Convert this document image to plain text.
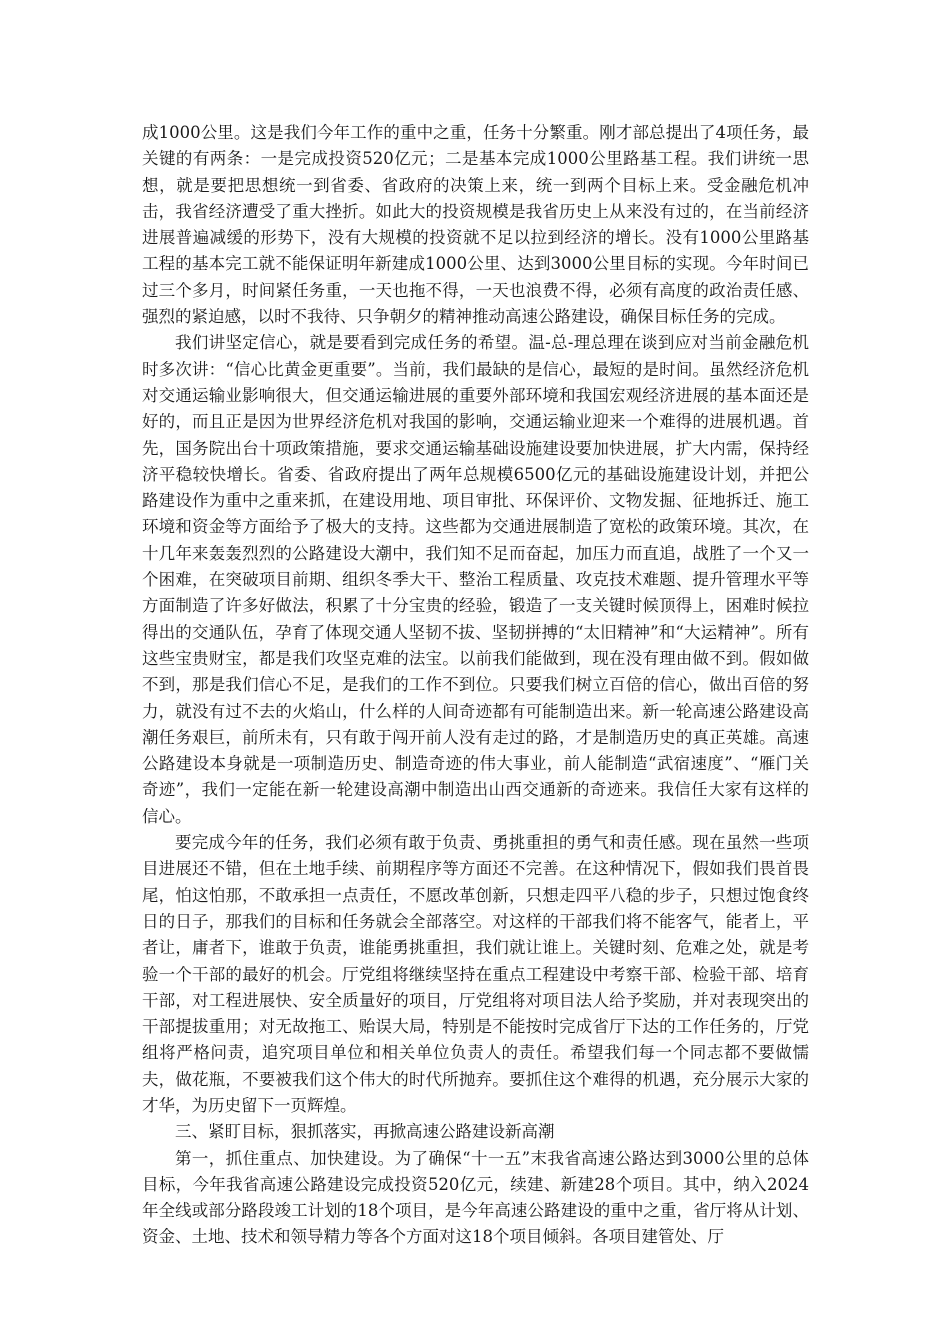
成1000公里。这是我们今年工作的重中之重，任务十分繁重。刚才部总提出了4项任务，最关键的有两条：一是完成投资520亿元；二是基本完成1000公里路基工程。我们讲统一思想，就是要把思想统一到省委、省政府的决策上来，统一到两个目标上来。受金融危机冲击，我省经济遭受了重大挫折。如此大的投资规模是我省历史上从来没有过的，在当前经济进展普遍减缓的形势下，没有大规模的投资就不足以拉到经济的增长。没有1000公里路基工程的基本完工就不能保证明年新建成1000公里、达到3000公里目标的实现。今年时间已过三个多月，时间紧任务重，一天也拖不得，一天也浪费不得，必须有高度的政治责任感、强烈的紧迫感，以时不我待、只争朝夕的精神推动高速公路建设，确保目标任务的完成。

我们讲坚定信心，就是要看到完成任务的希望。温-总-理总理在谈到应对当前金融危机时多次讲：“信心比黄金更重要”。当前，我们最缺的是信心，最短的是时间。虽然经济危机对交通运输业影响很大，但交通运输进展的重要外部环境和我国宏观经济进展的基本面还是好的，而且正是因为世界经济危机对我国的影响，交通运输业迎来一个难得的进展机遇。首先，国务院出台十项政策措施，要求交通运输基础设施建设要加快进展，扩大内需，保持经济平稳较快增长。省委、省政府提出了两年总规模6500亿元的基础设施建设计划，并把公路建设作为重中之重来抓，在建设用地、项目审批、环保评价、文物发掘、征地拆迁、施工环境和资金等方面给予了极大的支持。这些都为交通进展制造了宽松的政策环境。其次，在十几年来轰轰烈烈的公路建设大潮中，我们知不足而奋起，加压力而直追，战胜了一个又一个困难，在突破项目前期、组织冬季大干、整治工程质量、攻克技术难题、提升管理水平等方面制造了许多好做法，积累了十分宝贵的经验，锻造了一支关键时候顶得上，困难时候拉得出的交通队伍，孕育了体现交通人坚韧不拔、坚韧拼搏的“太旧精神”和“大运精神”。所有这些宝贵财宝，都是我们攻坚克难的法宝。以前我们能做到，现在没有理由做不到。假如做不到，那是我们信心不足，是我们的工作不到位。只要我们树立百倍的信心，做出百倍的努力，就没有过不去的火焰山，什么样的人间奇迹都有可能制造出来。新一轮高速公路建设高潮任务艰巨，前所未有，只有敢于闯开前人没有走过的路，才是制造历史的真正英雄。高速公路建设本身就是一项制造历史、制造奇迹的伟大事业，前人能制造“武宿速度”、“雁门关奇迹”，我们一定能在新一轮建设高潮中制造出山西交通新的奇迹来。我信任大家有这样的信心。

要完成今年的任务，我们必须有敢于负责、勇挑重担的勇气和责任感。现在虽然一些项目进展还不错，但在土地手续、前期程序等方面还不完善。在这种情况下，假如我们畏首畏尾，怕这怕那，不敢承担一点责任，不愿改革创新，只想走四平八稳的步子，只想过饱食终日的日子，那我们的目标和任务就会全部落空。对这样的干部我们将不能客气，能者上，平者让，庸者下，谁敢于负责，谁能勇挑重担，我们就让谁上。关键时刻、危难之处，就是考验一个干部的最好的机会。厅党组将继续坚持在重点工程建设中考察干部、检验干部、培育干部，对工程进展快、安全质量好的项目，厅党组将对项目法人给予奖励，并对表现突出的干部提拔重用；对无故拖工、贻误大局，特别是不能按时完成省厅下达的工作任务的，厅党组将严格问责，追究项目单位和相关单位负责人的责任。希望我们每一个同志都不要做懦夫，做花瓶，不要被我们这个伟大的时代所抛弃。要抓住这个难得的机遇，充分展示大家的才华，为历史留下一页辉煌。

三、紧盯目标，狠抓落实，再掀高速公路建设新高潮

第一，抓住重点、加快建设。为了确保“十一五”末我省高速公路达到3000公里的总体目标，今年我省高速公路建设完成投资520亿元，续建、新建28个项目。其中，纳入2024年全线或部分路段竣工计划的18个项目，是今年高速公路建设的重中之重，省厅将从计划、资金、土地、技术和领导精力等各个方面对这18个项目倾斜。各项目建管处、厅
